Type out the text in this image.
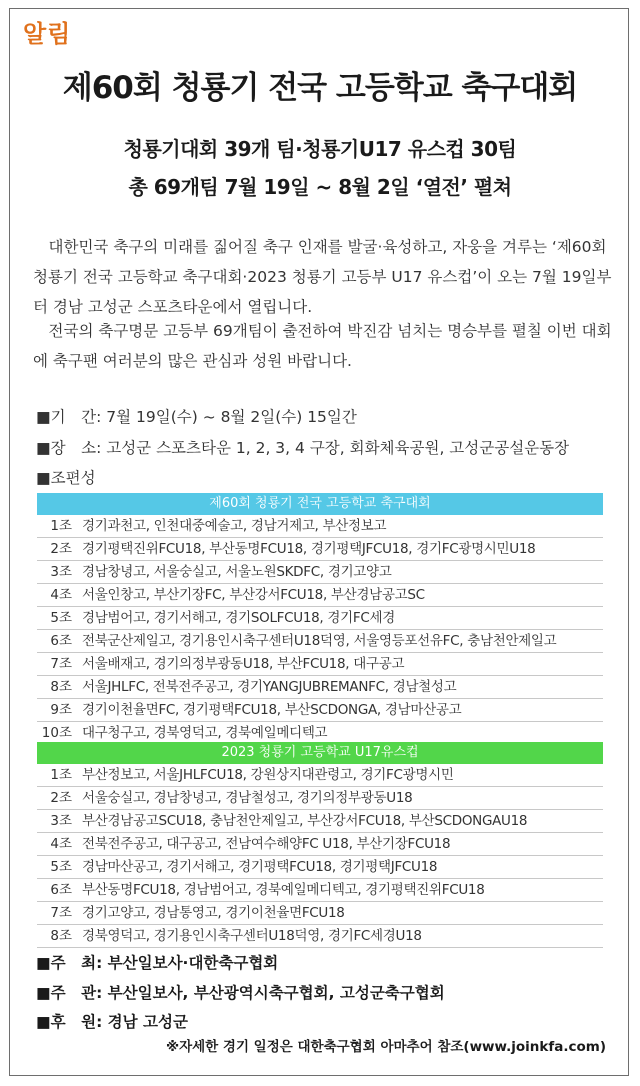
알림
제60회 청룡기 전국 고등학교 축구대회
청룡기대회 39개 팀·청룡기U17 유스컵 30팀
총 69개팀 7월 19일 ~ 8월 2일 ‘열전’ 펼쳐
　대한민국 축구의 미래를 짊어질 축구 인재를 발굴·육성하고, 자웅을 겨루는 ‘제60회 청룡기 전국 고등학교 축구대회·2023 청룡기 고등부 U17 유스컵’이 오는 7월 19일부터 경남 고성군 스포츠타운에서 열립니다.
　전국의 축구명문 고등부 69개팀이 출전하여 박진감 넘치는 명승부를 펼칠 이번 대회에 축구팬 여러분의 많은 관심과 성원 바랍니다.
■기　간: 7월 19일(수) ~ 8월 2일(수) 15일간
■장　소: 고성군 스포츠타운 1, 2, 3, 4 구장, 회화체육공원, 고성군공설운동장
■조편성
제60회 청룡기 전국 고등학교 축구대회
1조 경기과천고, 인천대중예술고, 경남거제고, 부산정보고
2조 경기평택진위FCU18, 부산동명FCU18, 경기평택JFCU18, 경기FC광명시민U18
3조 경남창녕고, 서울숭실고, 서울노원SKDFC, 경기고양고
4조 서울인창고, 부산기장FC, 부산강서FCU18, 부산경남공고SC
5조 경남범어고, 경기서해고, 경기SOLFCU18, 경기FC세경
6조 전북군산제일고, 경기용인시축구센터U18덕영, 서울영등포선유FC, 충남천안제일고
7조 서울배재고, 경기의정부광동U18, 부산FCU18, 대구공고
8조 서울JHLFC, 전북전주공고, 경기YANGJUBREMANFC, 경남철성고
9조 경기이천율면FC, 경기평택FCU18, 부산SCDONGA, 경남마산공고
10조 대구청구고, 경북영덕고, 경북예일메디텍고
2023 청룡기 고등학교 U17유스컵
1조 부산정보고, 서울JHLFCU18, 강원상지대관령고, 경기FC광명시민
2조 서울숭실고, 경남창녕고, 경남철성고, 경기의정부광동U18
3조 부산경남공고SCU18, 충남천안제일고, 부산강서FCU18, 부산SCDONGAU18
4조 전북전주공고, 대구공고, 전남여수해양FC U18, 부산기장FCU18
5조 경남마산공고, 경기서해고, 경기평택FCU18, 경기평택JFCU18
6조 부산동명FCU18, 경남범어고, 경북예일메디텍고, 경기평택진위FCU18
7조 경기고양고, 경남통영고, 경기이천율면FCU18
8조 경북영덕고, 경기용인시축구센터U18덕영, 경기FC세경U18
■주　최: 부산일보사·대한축구협회
■주　관: 부산일보사, 부산광역시축구협회, 고성군축구협회
■후　원: 경남 고성군
※자세한 경기 일정은 대한축구협회 아마추어 참조(www.joinkfa.com)
